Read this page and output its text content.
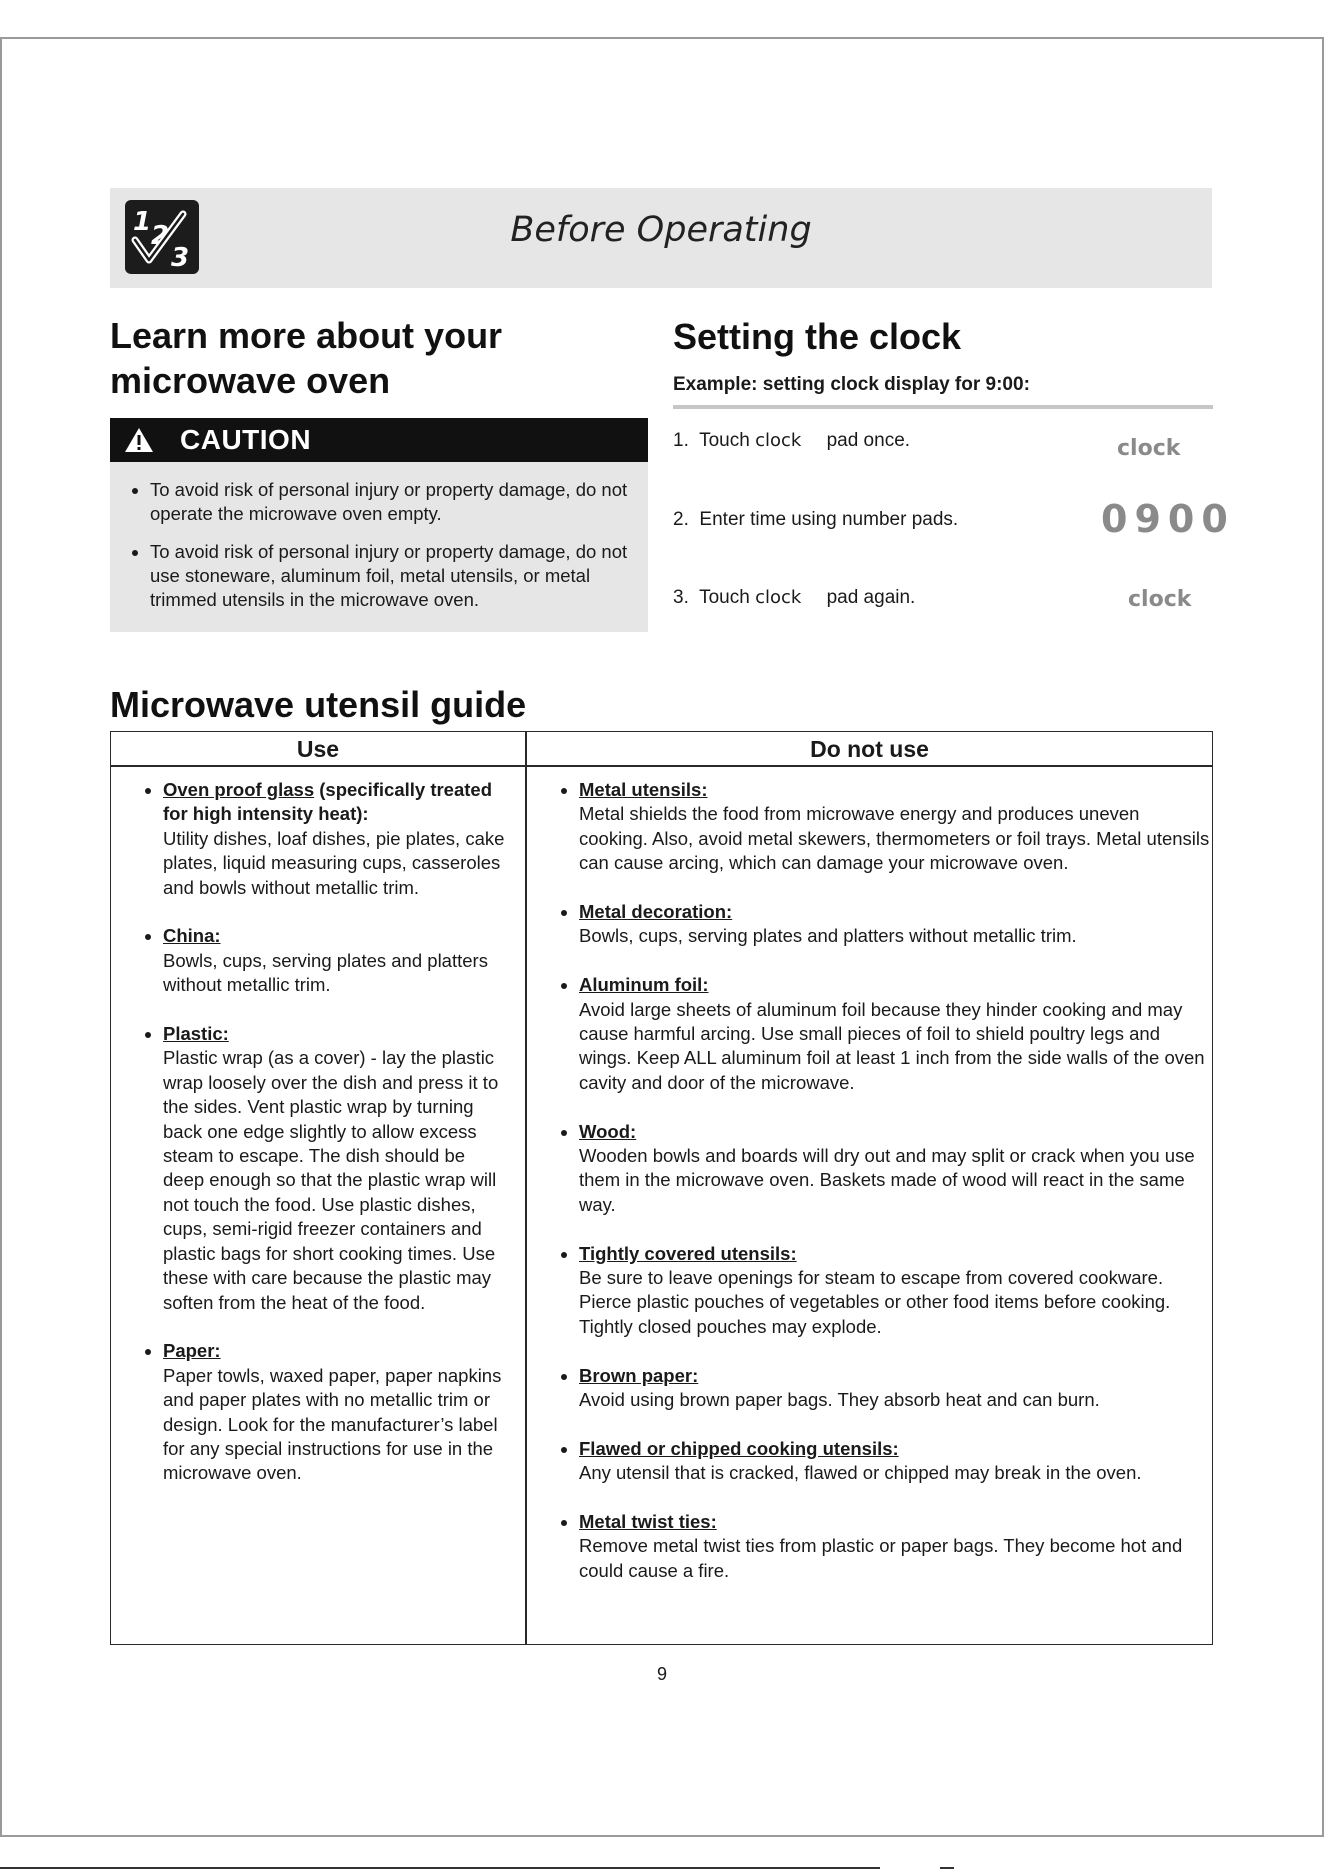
1 2
3
Before Operating
Learn more about your microwave oven
CAUTION
• To avoid risk of personal injury or property damage, do not operate the microwave oven empty.
• To avoid risk of personal injury or property damage, do not use stoneware, aluminum foil, metal utensils, or metal trimmed utensils in the microwave oven.
Setting the clock
Example: setting clock display for 9:00:
1. Touch clock pad once.
2. Enter time using number pads.
3. Touch clock pad again.
clock
0900
clock
Microwave utensil guide
Use	Do not use
• Oven proof glass (specifically treated for high intensity heat):
Utility dishes, loaf dishes, pie plates, cake plates, liquid measuring cups, casseroles and bowls without metallic trim.
• China:
Bowls, cups, serving plates and platters without metallic trim.
• Plastic:
Plastic wrap (as a cover) - lay the plastic wrap loosely over the dish and press it to the sides. Vent plastic wrap by turning back one edge slightly to allow excess steam to escape. The dish should be deep enough so that the plastic wrap will not touch the food. Use plastic dishes, cups, semi-rigid freezer containers and plastic bags for short cooking times. Use these with care because the plastic may soften from the heat of the food.
• Paper:
Paper towls, waxed paper, paper napkins and paper plates with no metallic trim or design. Look for the manufacturer’s label for any special instructions for use in the microwave oven.
• Metal utensils:
Metal shields the food from microwave energy and produces uneven cooking. Also, avoid metal skewers, thermometers or foil trays. Metal utensils can cause arcing, which can damage your microwave oven.
• Metal decoration:
Bowls, cups, serving plates and platters without metallic trim.
• Aluminum foil:
Avoid large sheets of aluminum foil because they hinder cooking and may cause harmful arcing. Use small pieces of foil to shield poultry legs and wings. Keep ALL aluminum foil at least 1 inch from the side walls of the oven cavity and door of the microwave.
• Wood:
Wooden bowls and boards will dry out and may split or crack when you use them in the microwave oven. Baskets made of wood will react in the same way.
• Tightly covered utensils:
Be sure to leave openings for steam to escape from covered cookware. Pierce plastic pouches of vegetables or other food items before cooking. Tightly closed pouches may explode.
• Brown paper:
Avoid using brown paper bags. They absorb heat and can burn.
• Flawed or chipped cooking utensils:
Any utensil that is cracked, flawed or chipped may break in the oven.
• Metal twist ties:
Remove metal twist ties from plastic or paper bags. They become hot and could cause a fire.
9
